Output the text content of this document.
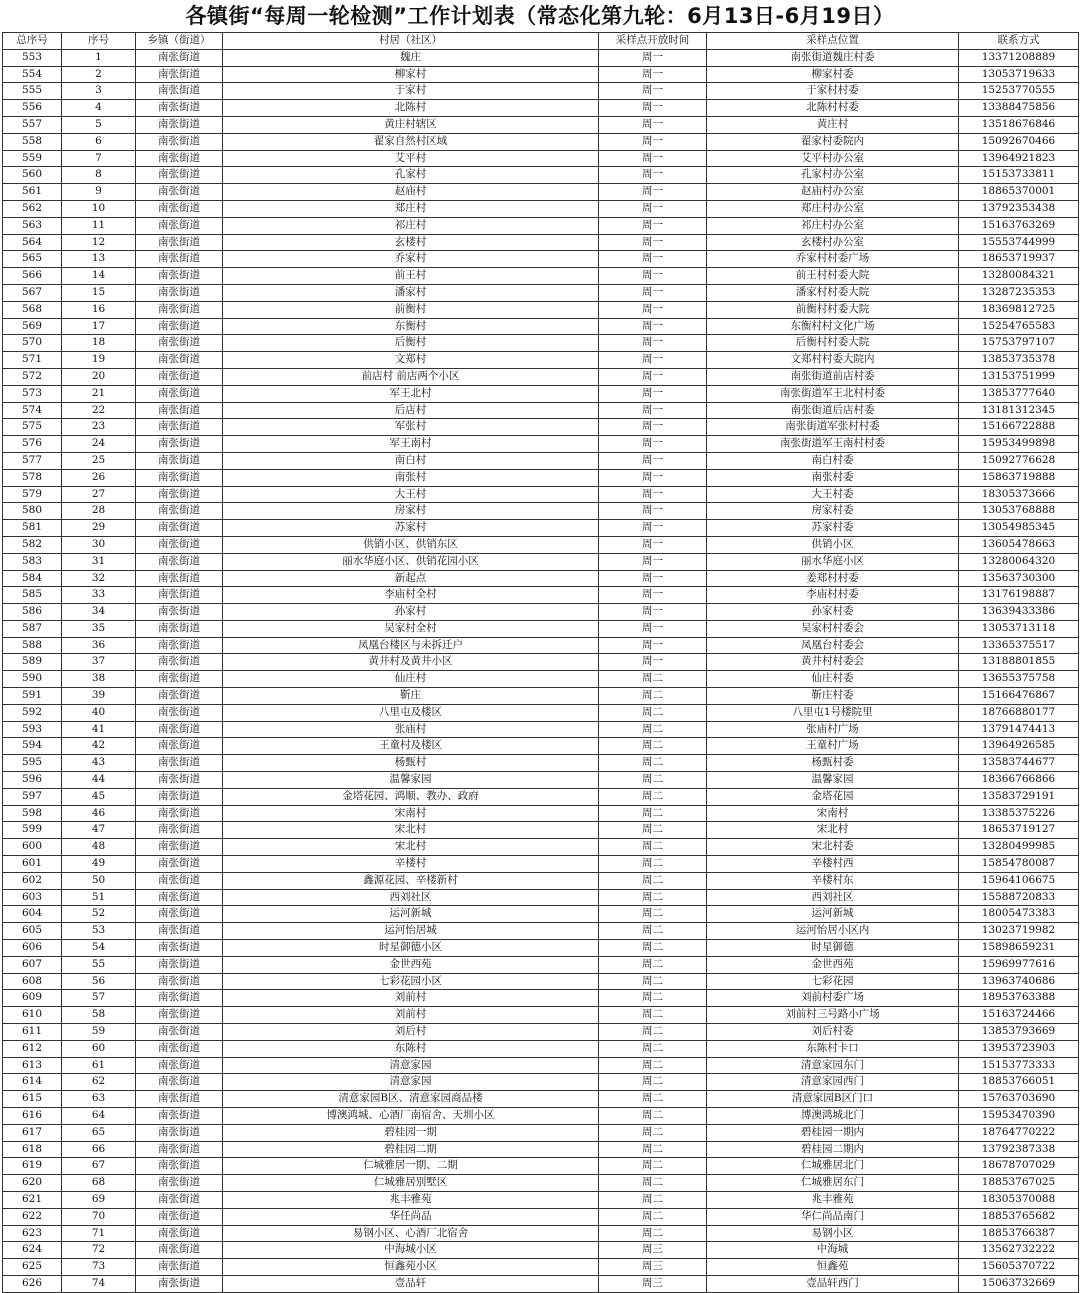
各镇街“每周一轮检测”工作计划表（常态化第九轮：6月13日-6月19日）
总序号	序号	乡镇（街道）	村居（社区）	采样点开放时间	采样点位置	联系方式
553	1	南张街道	魏庄	周一	南张街道魏庄村委	13371208889
554	2	南张街道	柳家村	周一	柳家村委	13053719633
555	3	南张街道	于家村	周一	于家村村委	15253770555
556	4	南张街道	北陈村	周一	北陈村村委	13388475856
557	5	南张街道	黄庄村辖区	周一	黄庄村	13518676846
558	6	南张街道	翟家自然村区域	周一	翟家村委院内	15092670466
559	7	南张街道	艾平村	周一	艾平村办公室	13964921823
560	8	南张街道	孔家村	周一	孔家村办公室	15153733811
561	9	南张街道	赵庙村	周一	赵庙村办公室	18865370001
562	10	南张街道	郑庄村	周一	郑庄村办公室	13792353438
563	11	南张街道	祁庄村	周一	祁庄村办公室	15163763269
564	12	南张街道	玄楼村	周一	玄楼村办公室	15553744999
565	13	南张街道	乔家村	周一	乔家村村委广场	18653719937
566	14	南张街道	前王村	周一	前王村村委大院	13280084321
567	15	南张街道	潘家村	周一	潘家村村委大院	13287235353
568	16	南张街道	前衡村	周一	前衡村村委大院	18369812725
569	17	南张街道	东衡村	周一	东衡村村文化广场	15254765583
570	18	南张街道	后衡村	周一	后衡村村委大院	15753797107
571	19	南张街道	文郑村	周一	文郑村村委大院内	13853735378
572	20	南张街道	前店村 前店两个小区	周一	南张街道前店村委	13153751999
573	21	南张街道	军王北村	周一	南张街道军王北村村委	13853777640
574	22	南张街道	后店村	周一	南张街道后店村委	13181312345
575	23	南张街道	军张村	周一	南张街道军张村村委	15166722888
576	24	南张街道	军王南村	周一	南张街道军王南村村委	15953499898
577	25	南张街道	南白村	周一	南白村委	15092776628
578	26	南张街道	南张村	周一	南张村委	15863719888
579	27	南张街道	大王村	周一	大王村委	18305373666
580	28	南张街道	房家村	周一	房家村委	13053768888
581	29	南张街道	苏家村	周一	苏家村委	13054985345
582	30	南张街道	供销小区、供销东区	周一	供销小区	13605478663
583	31	南张街道	丽水华庭小区、供销花园小区	周一	丽水华庭小区	13280064320
584	32	南张街道	新起点	周一	姜郑村村委	13563730300
585	33	南张街道	李庙村全村	周一	李庙村村委	13176198887
586	34	南张街道	孙家村	周一	孙家村委	13639433386
587	35	南张街道	吴家村全村	周一	吴家村村委会	13053713118
588	36	南张街道	凤凰台楼区与未拆迁户	周一	凤凰台村委会	13365375517
589	37	南张街道	黄井村及黄井小区	周一	黄井村村委会	13188801855
590	38	南张街道	仙庄村	周二	仙庄村委	13655375758
591	39	南张街道	靳庄	周二	靳庄村委	15166476867
592	40	南张街道	八里屯及楼区	周二	八里屯1号楼院里	18766880177
593	41	南张街道	张庙村	周二	张庙村广场	13791474413
594	42	南张街道	王童村及楼区	周二	王童村广场	13964926585
595	43	南张街道	杨甄村	周二	杨甄村委	13583744677
596	44	南张街道	温馨家园	周二	温馨家园	18366766866
597	45	南张街道	金塔花园、鸿顺、教办、政府	周二	金塔花园	13583729191
598	46	南张街道	宋南村	周二	宋南村	13385375226
599	47	南张街道	宋北村	周二	宋北村	18653719127
600	48	南张街道	宋北村	周二	宋北村委	13280499985
601	49	南张街道	辛楼村	周二	辛楼村西	15854780087
602	50	南张街道	鑫源花园、辛楼新村	周二	辛楼村东	15964106675
603	51	南张街道	西刘社区	周二	西刘社区	15588720833
604	52	南张街道	运河新城	周二	运河新城	18005473383
605	53	南张街道	运河怡居城	周二	运河怡居小区内	13023719982
606	54	南张街道	时星御德小区	周二	时星御德	15898659231
607	55	南张街道	金世西苑	周二	金世西苑	15969977616
608	56	南张街道	七彩花园小区	周二	七彩花园	13963740686
609	57	南张街道	刘前村	周二	刘前村委广场	18953763388
610	58	南张街道	刘前村	周二	刘前村三号路小广场	15163724466
611	59	南张街道	刘后村	周二	刘后村委	13853793669
612	60	南张街道	东陈村	周二	东陈村卡口	13953723903
613	61	南张街道	清意家园	周二	清意家园东门	15153773333
614	62	南张街道	清意家园	周二	清意家园西门	18853766051
615	63	南张街道	清意家园B区、清意家园商品楼	周二	清意家园B区门口	15763703690
616	64	南张街道	博澳鸿城、心酒厂南宿舍、天圳小区	周二	博澳鸿城北门	15953470390
617	65	南张街道	碧桂园一期	周二	碧桂园一期内	18764770222
618	66	南张街道	碧桂园二期	周二	碧桂园二期内	13792387338
619	67	南张街道	仁城雅居一期、二期	周二	仁城雅居北门	18678707029
620	68	南张街道	仁城雅居别墅区	周二	仁城雅居东门	18853767025
621	69	南张街道	兆丰雅苑	周二	兆丰雅苑	18305370088
622	70	南张街道	华任尚品	周二	华仁尚品南门	18853765682
623	71	南张街道	易钢小区、心酒厂北宿舍	周二	易钢小区	18853766387
624	72	南张街道	中海城小区	周三	中海城	13562732222
625	73	南张街道	恒鑫苑小区	周三	恒鑫苑	15605370722
626	74	南张街道	壹品轩	周三	壹品轩西门	15063732669
